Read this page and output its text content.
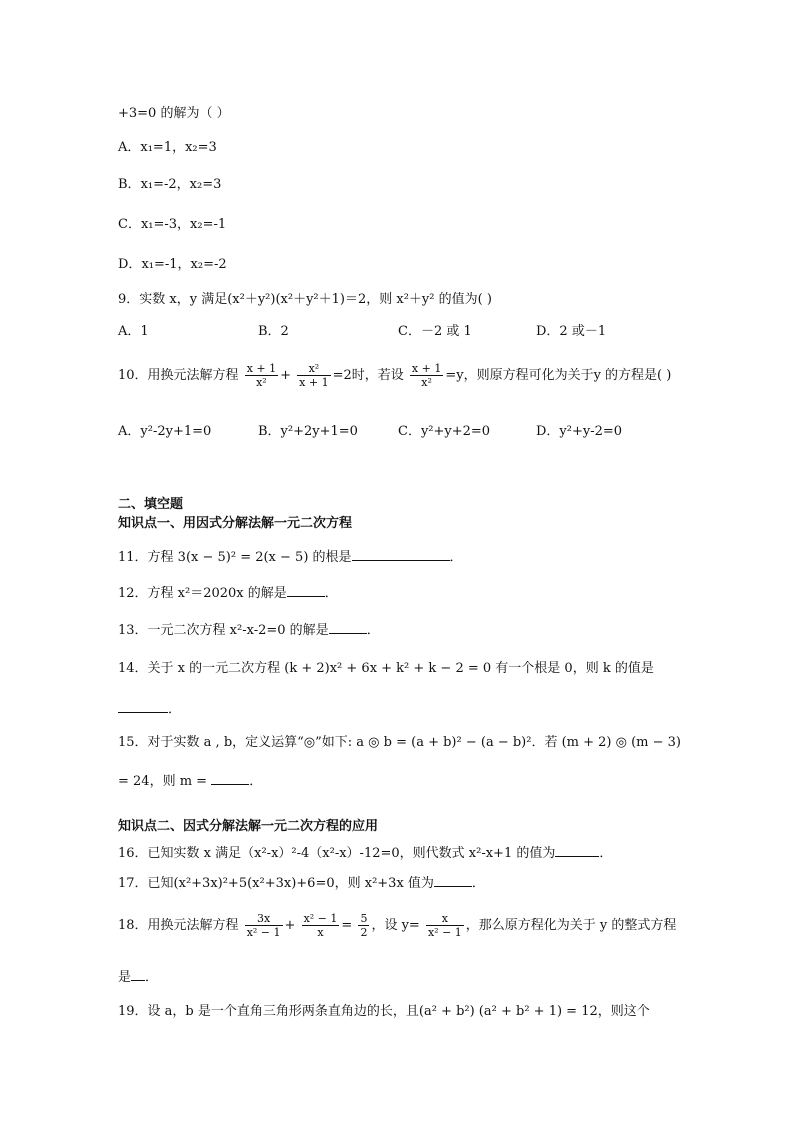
+3=0 的解为（ ）
A．x₁=1，x₂=3
B．x₁=-2，x₂=3
C．x₁=-3，x₂=-1
D．x₁=-1，x₂=-2
9．实数 x，y 满足(x²＋y²)(x²＋y²＋1)＝2，则 x²＋y² 的值为( )
A．1	B．2	C．－2 或 1	D．2 或－1
10．用换元法解方程 $\frac{x + 1}{\text{x²}} + \frac{\text{x²}}{x + 1} =2$时，若设 $\frac{x + 1}{\text{x²}} =y$，则原方程可化为关于y 的方程是( )
A．y²-2y+1=0	B．y²+2y+1=0	C．y²+y+2=0	D．y²+y-2=0
二、填空题
知识点一、用因式分解法解一元二次方程
11．方程 3(x − 5)² = 2(x − 5) 的根是	．
12．方程 x²＝2020x 的解是	．
13．一元二次方程 x²-x-2=0 的解是	．
14．关于 x 的一元二次方程 (k + 2)x² + 6x + k² + k − 2 = 0 有一个根是 0，则 k 的值是
．
15．对于实数 a , b，定义运算“◎”如下: a ◎ b = (a + b)² − (a − b)²．若 (m + 2) ◎ (m − 3)
= 24，则 m =	．
知识点二、因式分解法解一元二次方程的应用
16．已知实数 x 满足（x²-x）²-4（x²-x）-12=0，则代数式 x²-x+1 的值为	．
17．已知(x²+3x)²+5(x²+3x)+6=0，则 x²+3x 值为	．
18．用换元法解方程 $\frac{3x}{\text{x² − 1}} + \frac{\text{x² − 1}}{x} = \frac{5}{2}$ ，设 $y= \frac{x}{\text{x² − 1}}$ ，那么原方程化为关于 y 的整式方程
是 ．
19．设 a，b 是一个直角三角形两条直角边的长，且(a² + b²) (a² + b² + 1) = 12，则这个
